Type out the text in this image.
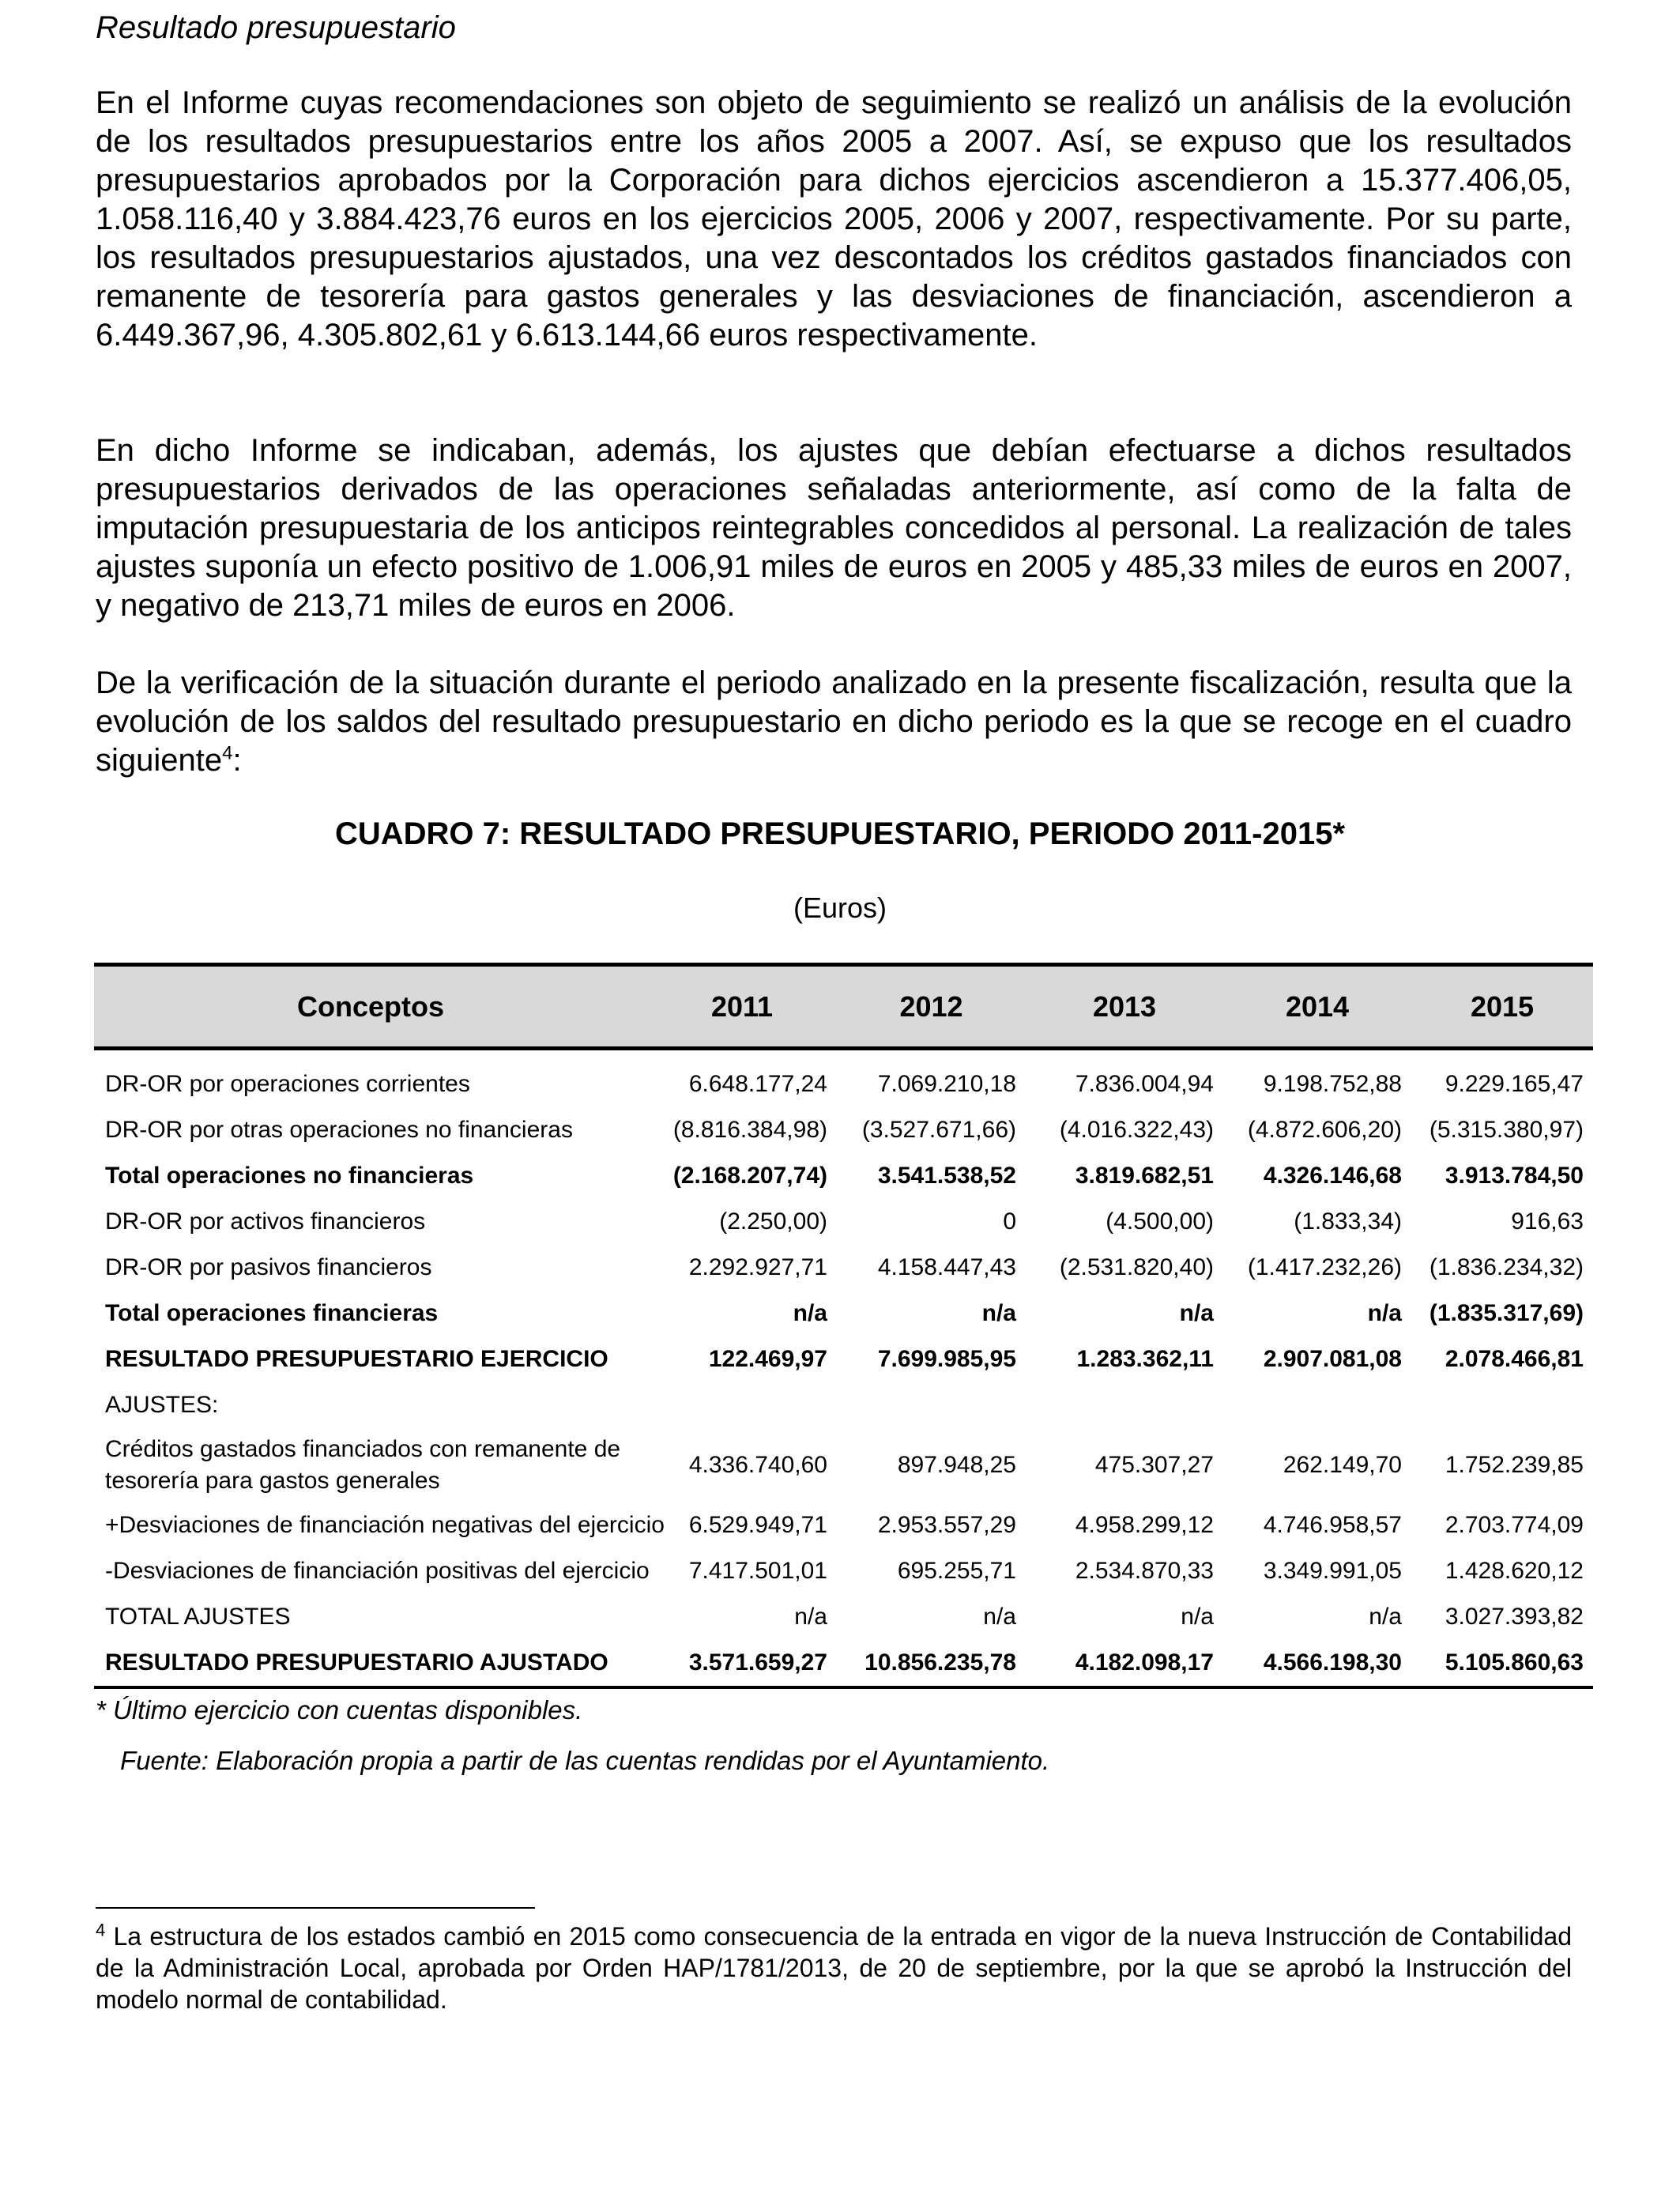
Resultado presupuestario

En el Informe cuyas recomendaciones son objeto de seguimiento se realizó un análisis de la evolución de los resultados presupuestarios entre los años 2005 a 2007. Así, se expuso que los resultados presupuestarios aprobados por la Corporación para dichos ejercicios ascendieron a 15.377.406,05, 1.058.116,40 y 3.884.423,76 euros en los ejercicios 2005, 2006 y 2007, respectivamente. Por su parte, los resultados presupuestarios ajustados, una vez descontados los créditos gastados financiados con remanente de tesorería para gastos generales y las desviaciones de financiación, ascendieron a 6.449.367,96, 4.305.802,61 y 6.613.144,66 euros respectivamente.

En dicho Informe se indicaban, además, los ajustes que debían efectuarse a dichos resultados presupuestarios derivados de las operaciones señaladas anteriormente, así como de la falta de imputación presupuestaria de los anticipos reintegrables concedidos al personal. La realización de tales ajustes suponía un efecto positivo de 1.006,91 miles de euros en 2005 y 485,33 miles de euros en 2007, y negativo de 213,71 miles de euros en 2006.

De la verificación de la situación durante el periodo analizado en la presente fiscalización, resulta que la evolución de los saldos del resultado presupuestario en dicho periodo es la que se recoge en el cuadro siguiente$^4$:

CUADRO 7: RESULTADO PRESUPUESTARIO, PERIODO 2011-2015*
(Euros)
Conceptos	2011	2012	2013	2014	2015
DR-OR por operaciones corrientes	6.648.177,24	7.069.210,18	7.836.004,94	9.198.752,88	9.229.165,47
DR-OR por otras operaciones no financieras	(8.816.384,98)	(3.527.671,66)	(4.016.322,43)	(4.872.606,20)	(5.315.380,97)
Total operaciones no financieras	(2.168.207,74)	3.541.538,52	3.819.682,51	4.326.146,68	3.913.784,50
DR-OR por activos financieros	(2.250,00)	0	(4.500,00)	(1.833,34)	916,63
DR-OR por pasivos financieros	2.292.927,71	4.158.447,43	(2.531.820,40)	(1.417.232,26)	(1.836.234,32)
Total operaciones financieras	n/a	n/a	n/a	n/a	(1.835.317,69)
RESULTADO PRESUPUESTARIO EJERCICIO	122.469,97	7.699.985,95	1.283.362,11	2.907.081,08	2.078.466,81
AJUSTES:					
Créditos gastados financiados con remanente de tesorería para gastos generales	4.336.740,60	897.948,25	475.307,27	262.149,70	1.752.239,85
+Desviaciones de financiación negativas del ejercicio	6.529.949,71	2.953.557,29	4.958.299,12	4.746.958,57	2.703.774,09
-Desviaciones de financiación positivas del ejercicio	7.417.501,01	695.255,71	2.534.870,33	3.349.991,05	1.428.620,12
TOTAL AJUSTES	n/a	n/a	n/a	n/a	3.027.393,82
RESULTADO PRESUPUESTARIO AJUSTADO	3.571.659,27	10.856.235,78	4.182.098,17	4.566.198,30	5.105.860,63
* Último ejercicio con cuentas disponibles.
Fuente: Elaboración propia a partir de las cuentas rendidas por el Ayuntamiento.

$^4$ La estructura de los estados cambió en 2015 como consecuencia de la entrada en vigor de la nueva Instrucción de Contabilidad de la Administración Local, aprobada por Orden HAP/1781/2013, de 20 de septiembre, por la que se aprobó la Instrucción del modelo normal de contabilidad.
